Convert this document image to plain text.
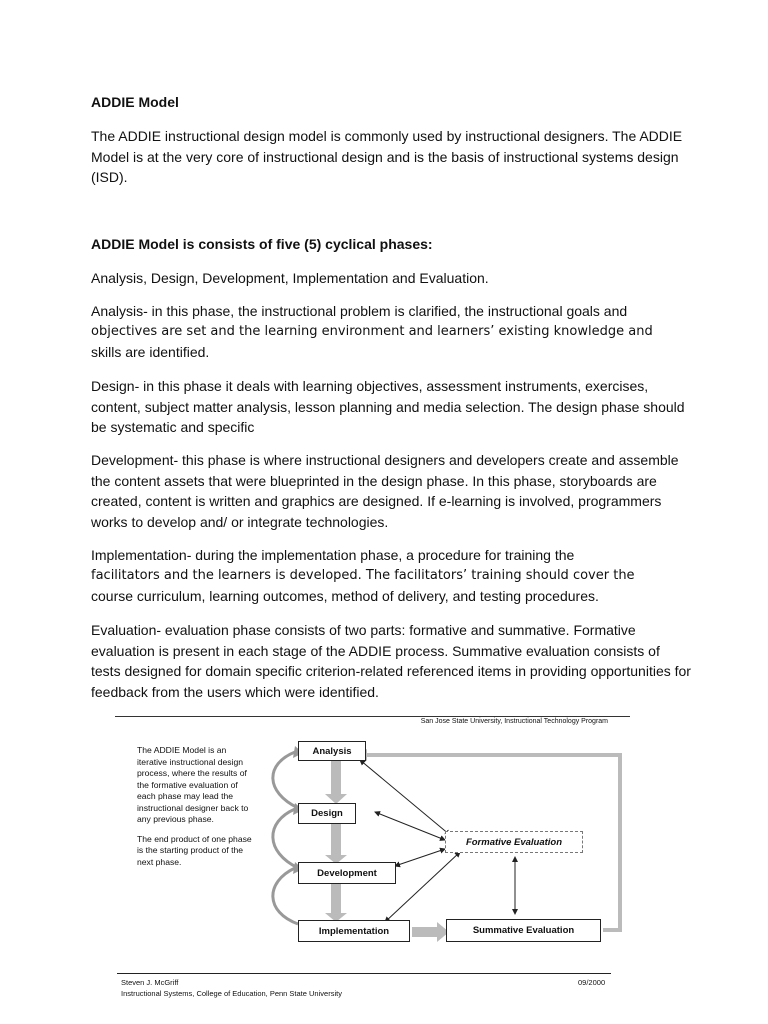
ADDIE Model

The ADDIE instructional design model is commonly used by instructional designers. The ADDIE Model is at the very core of instructional design and is the basis of instructional systems design (ISD).

ADDIE Model is consists of five (5) cyclical phases:

Analysis, Design, Development, Implementation and Evaluation.

Analysis- in this phase, the instructional problem is clarified, the instructional goals and
objectives are set and the learning environment and learners’ existing knowledge and
skills are identified.

Design- in this phase it deals with learning objectives, assessment instruments, exercises, content, subject matter analysis, lesson planning and media selection. The design phase should be systematic and specific

Development- this phase is where instructional designers and developers create and assemble the content assets that were blueprinted in the design phase. In this phase, storyboards are created, content is written and graphics are designed. If e-learning is involved, programmers works to develop and/ or integrate technologies.

Implementation- during the implementation phase, a procedure for training the
facilitators and the learners is developed. The facilitators’ training should cover the
course curriculum, learning outcomes, method of delivery, and testing procedures.

Evaluation- evaluation phase consists of two parts: formative and summative. Formative evaluation is present in each stage of the ADDIE process. Summative evaluation consists of tests designed for domain specific criterion-related referenced items in providing opportunities for feedback from the users which were identified.

San Jose State University, Instructional Technology Program

The ADDIE Model is an iterative instructional design process, where the results of the formative evaluation of each phase may lead the instructional designer back to any previous phase.

The end product of one phase is the starting product of the next phase.

Analysis
Design
Development
Implementation
Formative Evaluation
Summative Evaluation
Steven J. McGriff
Instructional Systems, College of Education, Penn State University
09/2000
